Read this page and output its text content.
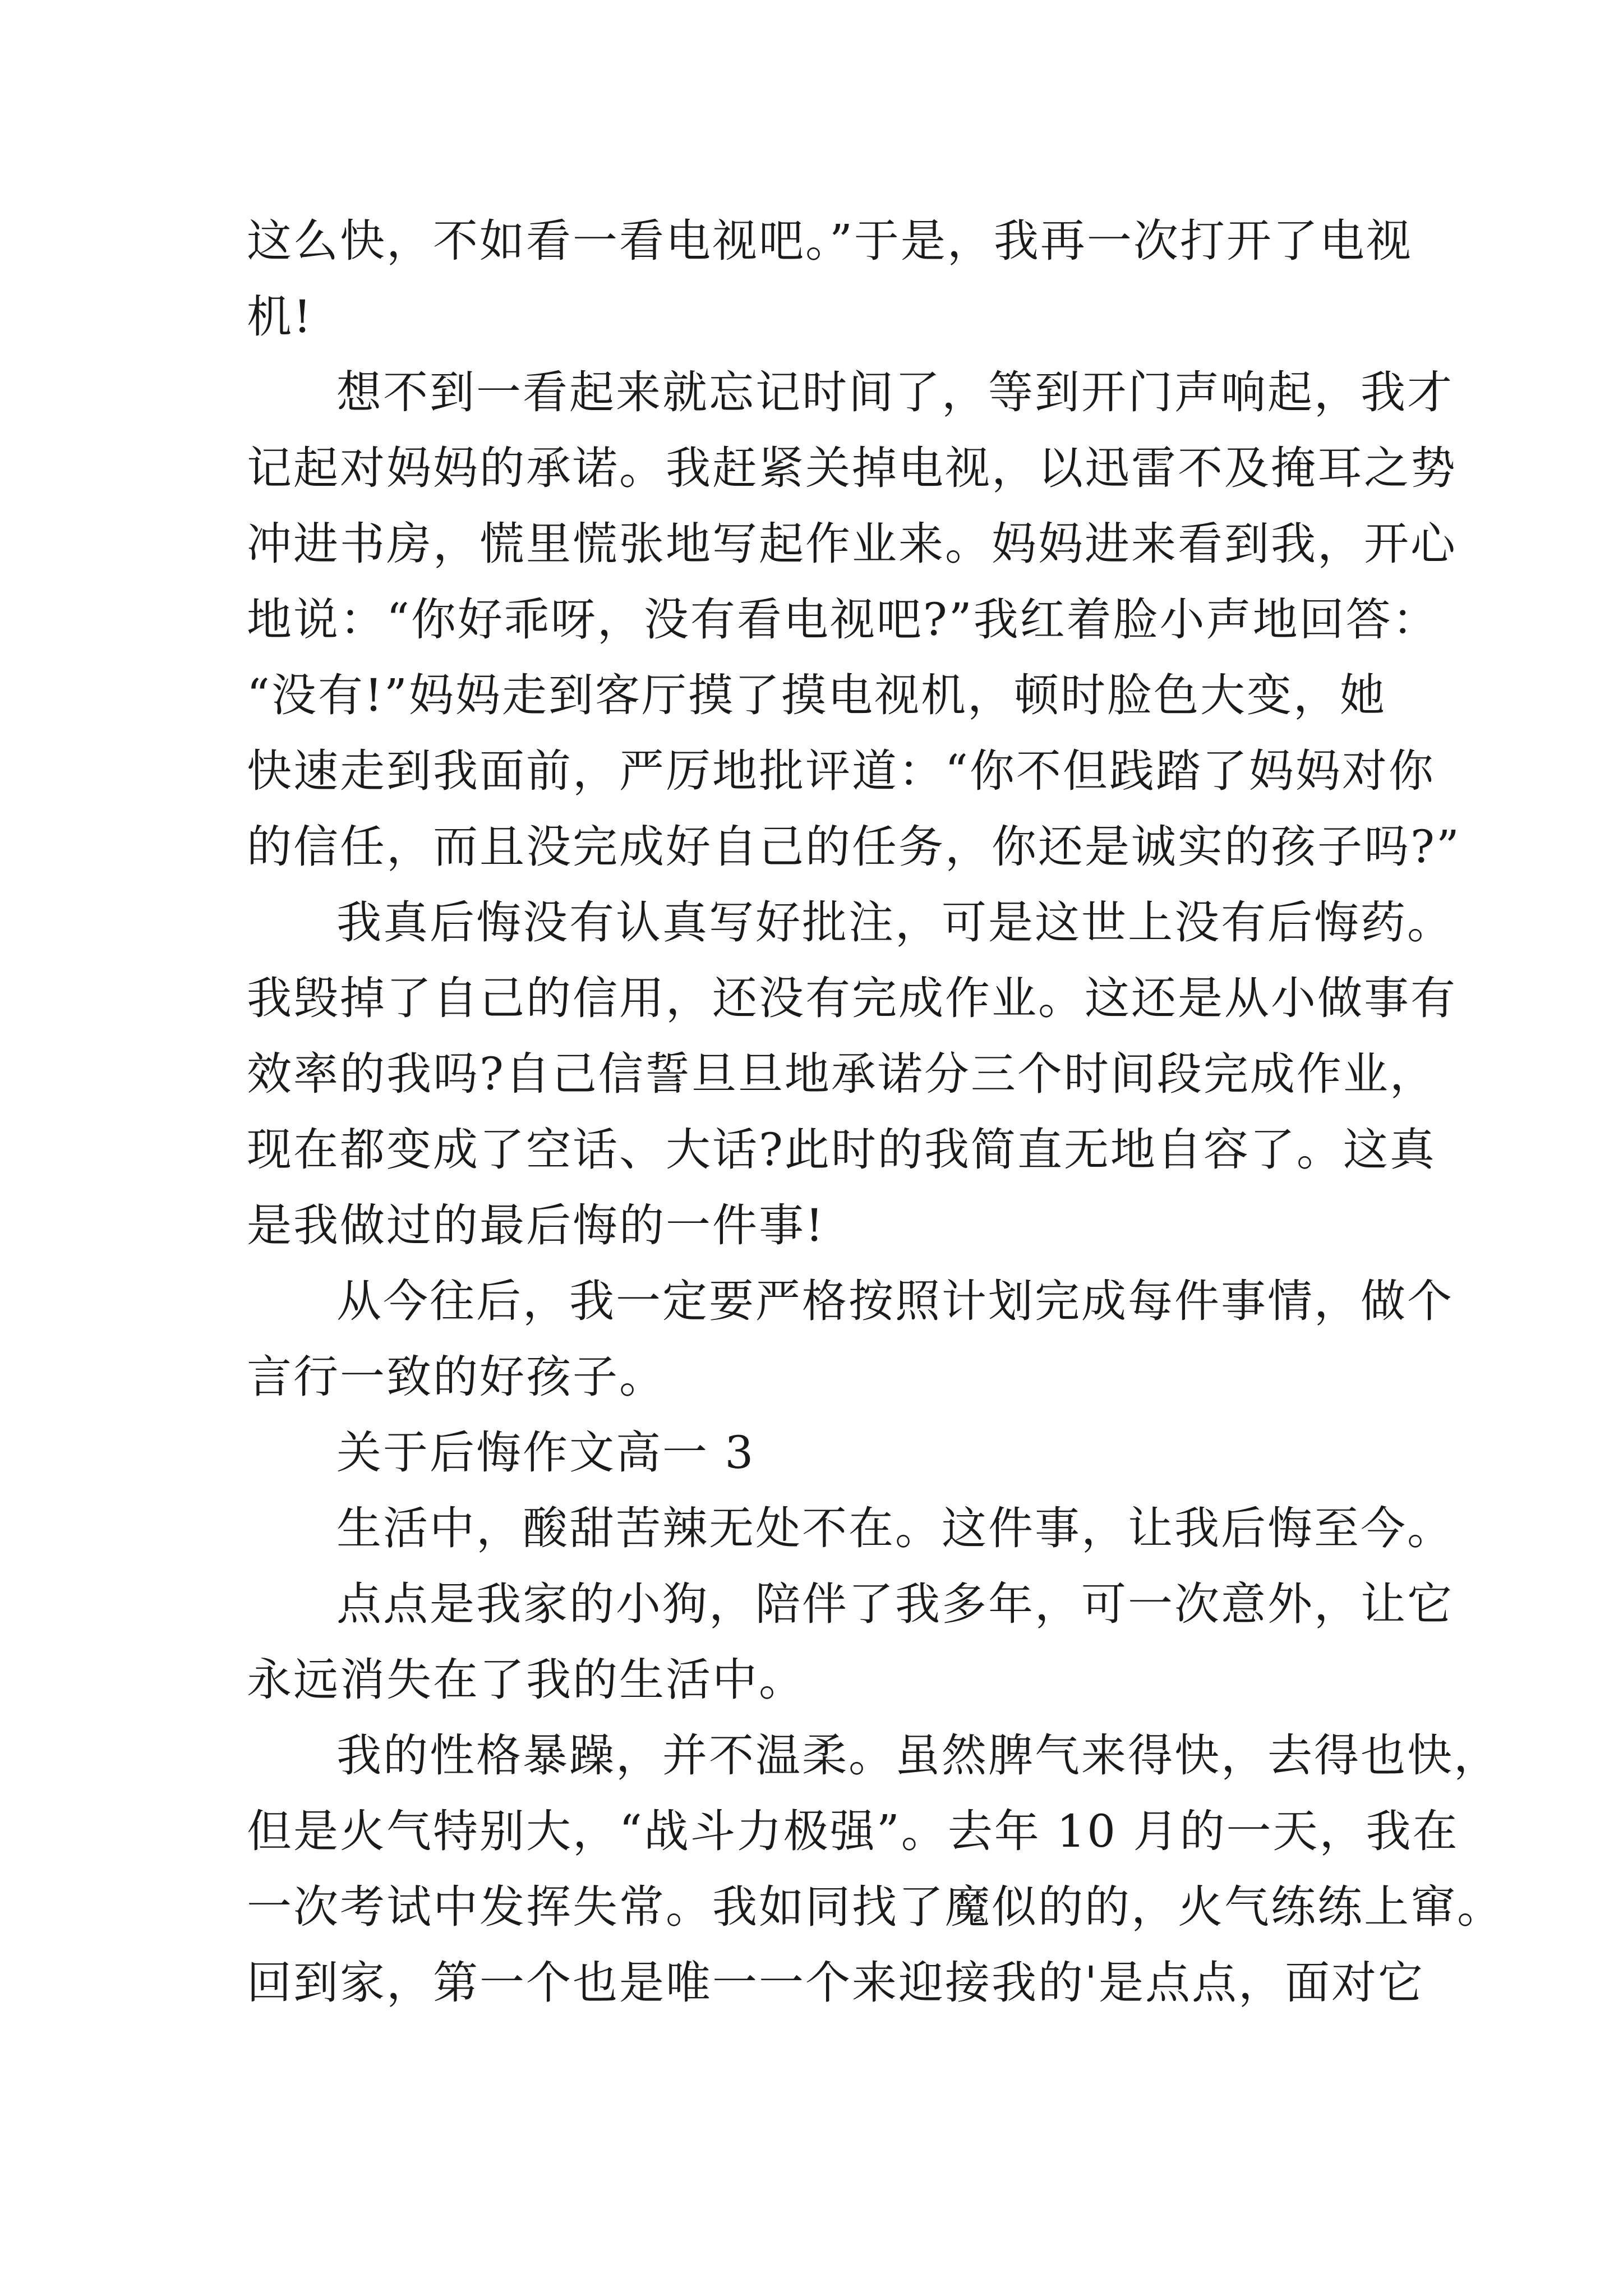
这么快，不如看一看电视吧。”于是，我再一次打开了电视
机!
想不到一看起来就忘记时间了，等到开门声响起，我才
记起对妈妈的承诺。我赶紧关掉电视，以迅雷不及掩耳之势
冲进书房，慌里慌张地写起作业来。妈妈进来看到我，开心
地说：“你好乖呀，没有看电视吧?”我红着脸小声地回答：
“没有!”妈妈走到客厅摸了摸电视机，顿时脸色大变，她
快速走到我面前，严厉地批评道：“你不但践踏了妈妈对你
的信任，而且没完成好自己的任务，你还是诚实的孩子吗?”
我真后悔没有认真写好批注，可是这世上没有后悔药。
我毁掉了自己的信用，还没有完成作业。这还是从小做事有
效率的我吗?自己信誓旦旦地承诺分三个时间段完成作业，
现在都变成了空话、大话?此时的我简直无地自容了。这真
是我做过的最后悔的一件事!
从今往后，我一定要严格按照计划完成每件事情，做个
言行一致的好孩子。
关于后悔作文高一 3
生活中，酸甜苦辣无处不在。这件事，让我后悔至今。
点点是我家的小狗，陪伴了我多年，可一次意外，让它
永远消失在了我的生活中。
我的性格暴躁，并不温柔。虽然脾气来得快，去得也快，
但是火气特别大，“战斗力极强”。去年 10 月的一天，我在
一次考试中发挥失常。我如同找了魔似的的，火气练练上窜。
回到家，第一个也是唯一一个来迎接我的'是点点，面对它
